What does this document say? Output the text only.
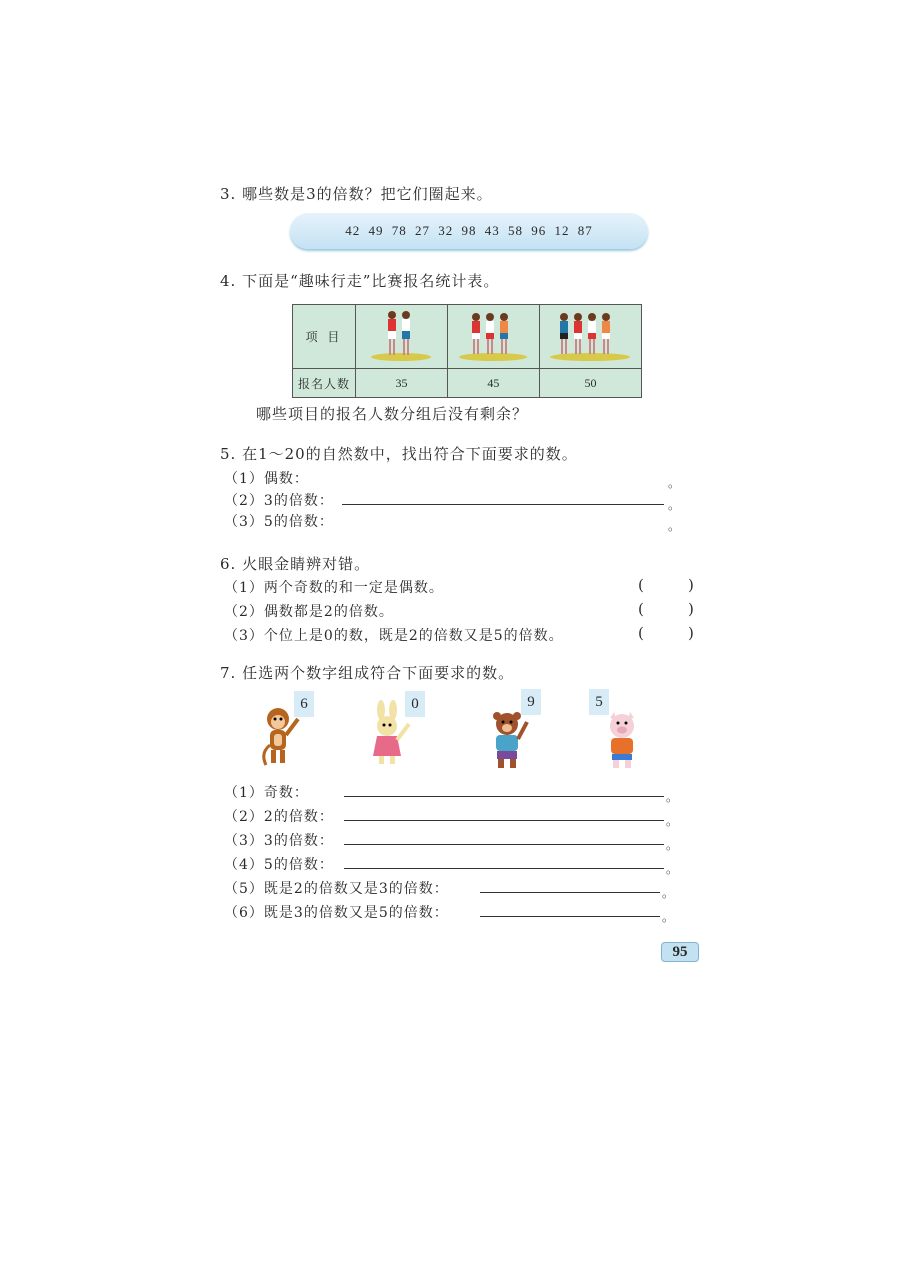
3. 哪些数是3的倍数？把它们圈起来。
42 49 78 27 32 98 43 58 96 12 87
4. 下面是“趣味行走”比赛报名统计表。
项 目			
报名人数	35	45	50
哪些项目的报名人数分组后没有剩余？
5. 在1～20的自然数中，找出符合下面要求的数。
（1）偶数：	。
（2）3的倍数：	。
（3）5的倍数：	。
6. 火眼金睛辨对错。
（1）两个奇数的和一定是偶数。	(	)
（2）偶数都是2的倍数。	(	)
（3）个位上是0的数，既是2的倍数又是5的倍数。	(	)
7. 任选两个数字组成符合下面要求的数。
6	0	9	5
（1）奇数：	。
（2）2的倍数：	。
（3）3的倍数：	。
（4）5的倍数：	。
（5）既是2的倍数又是3的倍数：	。
（6）既是3的倍数又是5的倍数：	。
95
